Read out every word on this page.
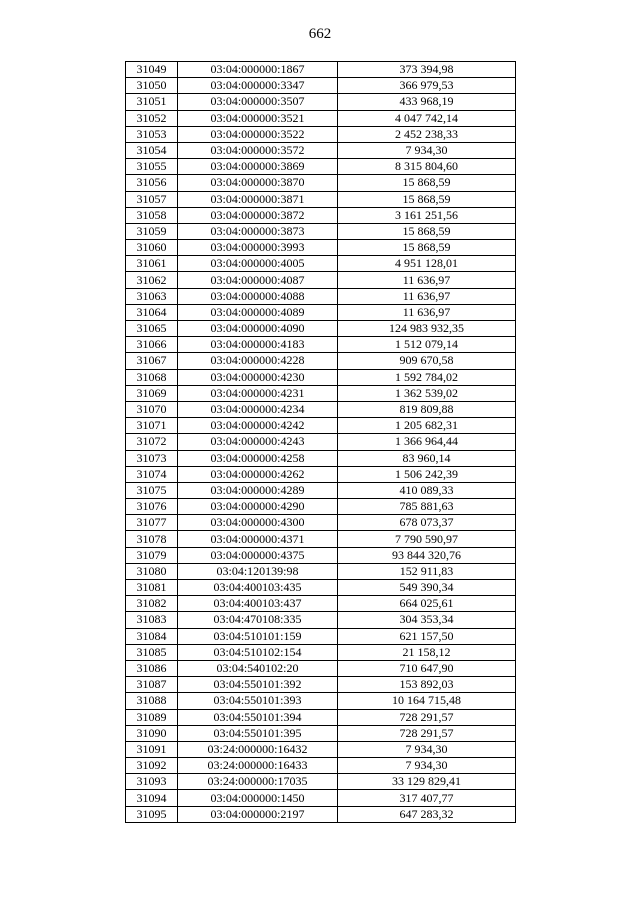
662
31049	03:04:000000:1867	373 394,98
31050	03:04:000000:3347	366 979,53
31051	03:04:000000:3507	433 968,19
31052	03:04:000000:3521	4 047 742,14
31053	03:04:000000:3522	2 452 238,33
31054	03:04:000000:3572	7 934,30
31055	03:04:000000:3869	8 315 804,60
31056	03:04:000000:3870	15 868,59
31057	03:04:000000:3871	15 868,59
31058	03:04:000000:3872	3 161 251,56
31059	03:04:000000:3873	15 868,59
31060	03:04:000000:3993	15 868,59
31061	03:04:000000:4005	4 951 128,01
31062	03:04:000000:4087	11 636,97
31063	03:04:000000:4088	11 636,97
31064	03:04:000000:4089	11 636,97
31065	03:04:000000:4090	124 983 932,35
31066	03:04:000000:4183	1 512 079,14
31067	03:04:000000:4228	909 670,58
31068	03:04:000000:4230	1 592 784,02
31069	03:04:000000:4231	1 362 539,02
31070	03:04:000000:4234	819 809,88
31071	03:04:000000:4242	1 205 682,31
31072	03:04:000000:4243	1 366 964,44
31073	03:04:000000:4258	83 960,14
31074	03:04:000000:4262	1 506 242,39
31075	03:04:000000:4289	410 089,33
31076	03:04:000000:4290	785 881,63
31077	03:04:000000:4300	678 073,37
31078	03:04:000000:4371	7 790 590,97
31079	03:04:000000:4375	93 844 320,76
31080	03:04:120139:98	152 911,83
31081	03:04:400103:435	549 390,34
31082	03:04:400103:437	664 025,61
31083	03:04:470108:335	304 353,34
31084	03:04:510101:159	621 157,50
31085	03:04:510102:154	21 158,12
31086	03:04:540102:20	710 647,90
31087	03:04:550101:392	153 892,03
31088	03:04:550101:393	10 164 715,48
31089	03:04:550101:394	728 291,57
31090	03:04:550101:395	728 291,57
31091	03:24:000000:16432	7 934,30
31092	03:24:000000:16433	7 934,30
31093	03:24:000000:17035	33 129 829,41
31094	03:04:000000:1450	317 407,77
31095	03:04:000000:2197	647 283,32
